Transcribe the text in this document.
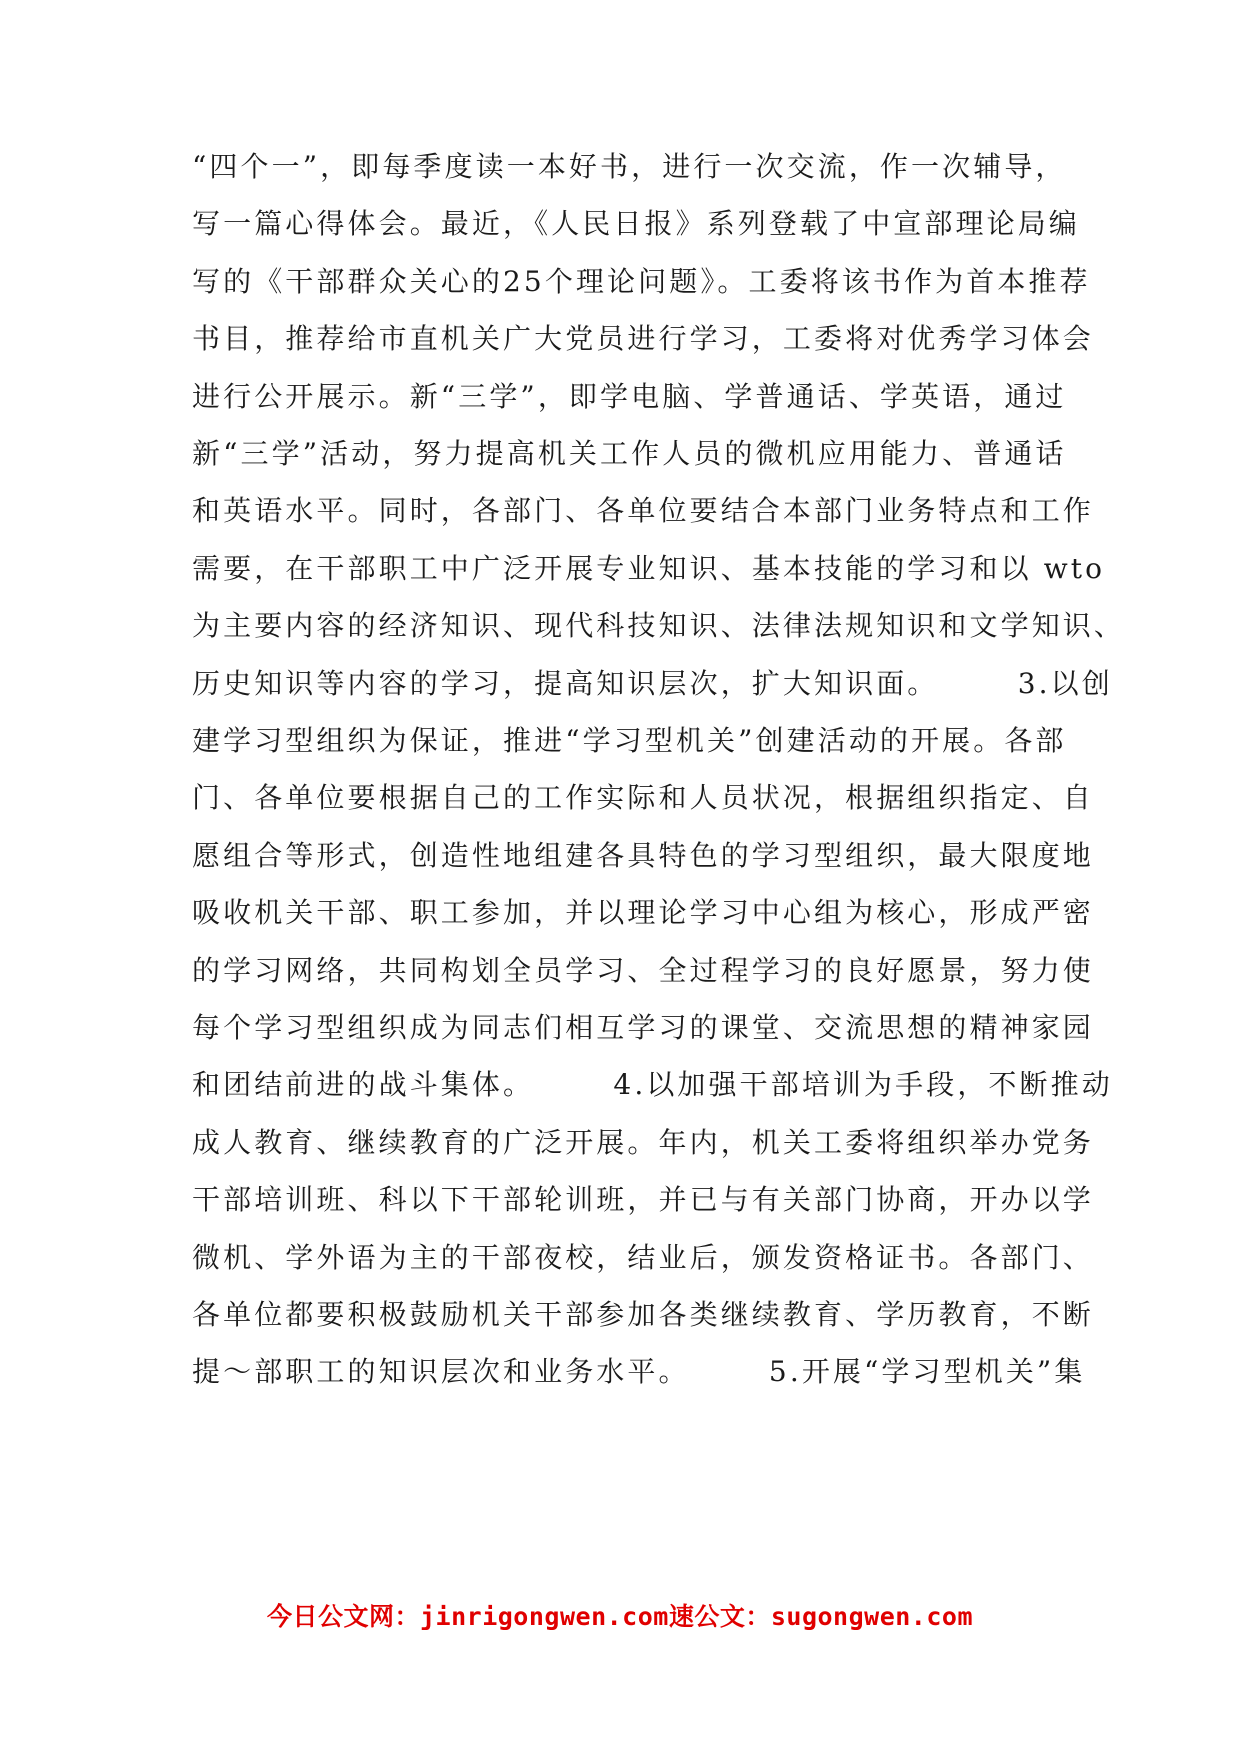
“四个一”，即每季度读一本好书，进行一次交流，作一次辅导，
写一篇心得体会。最近，《人民日报》系列登载了中宣部理论局编
写的《干部群众关心的25个理论问题》。工委将该书作为首本推荐
书目，推荐给市直机关广大党员进行学习，工委将对优秀学习体会
进行公开展示。新“三学”，即学电脑、学普通话、学英语，通过
新“三学”活动，努力提高机关工作人员的微机应用能力、普通话
和英语水平。同时，各部门、各单位要结合本部门业务特点和工作
需要，在干部职工中广泛开展专业知识、基本技能的学习和以 wto
为主要内容的经济知识、现代科技知识、法律法规知识和文学知识、
历史知识等内容的学习，提高知识层次，扩大知识面。　　　3.以创
建学习型组织为保证，推进“学习型机关”创建活动的开展。各部
门、各单位要根据自己的工作实际和人员状况，根据组织指定、自
愿组合等形式，创造性地组建各具特色的学习型组织，最大限度地
吸收机关干部、职工参加，并以理论学习中心组为核心，形成严密
的学习网络，共同构划全员学习、全过程学习的良好愿景，努力使
每个学习型组织成为同志们相互学习的课堂、交流思想的精神家园
和团结前进的战斗集体。　　　4.以加强干部培训为手段，不断推动
成人教育、继续教育的广泛开展。年内，机关工委将组织举办党务
干部培训班、科以下干部轮训班，并已与有关部门协商，开办以学
微机、学外语为主的干部夜校，结业后，颁发资格证书。各部门、
各单位都要积极鼓励机关干部参加各类继续教育、学历教育，不断
提～部职工的知识层次和业务水平。　　　5.开展“学习型机关”集
今日公文网：jinrigongwen.com速公文：sugongwen.com
